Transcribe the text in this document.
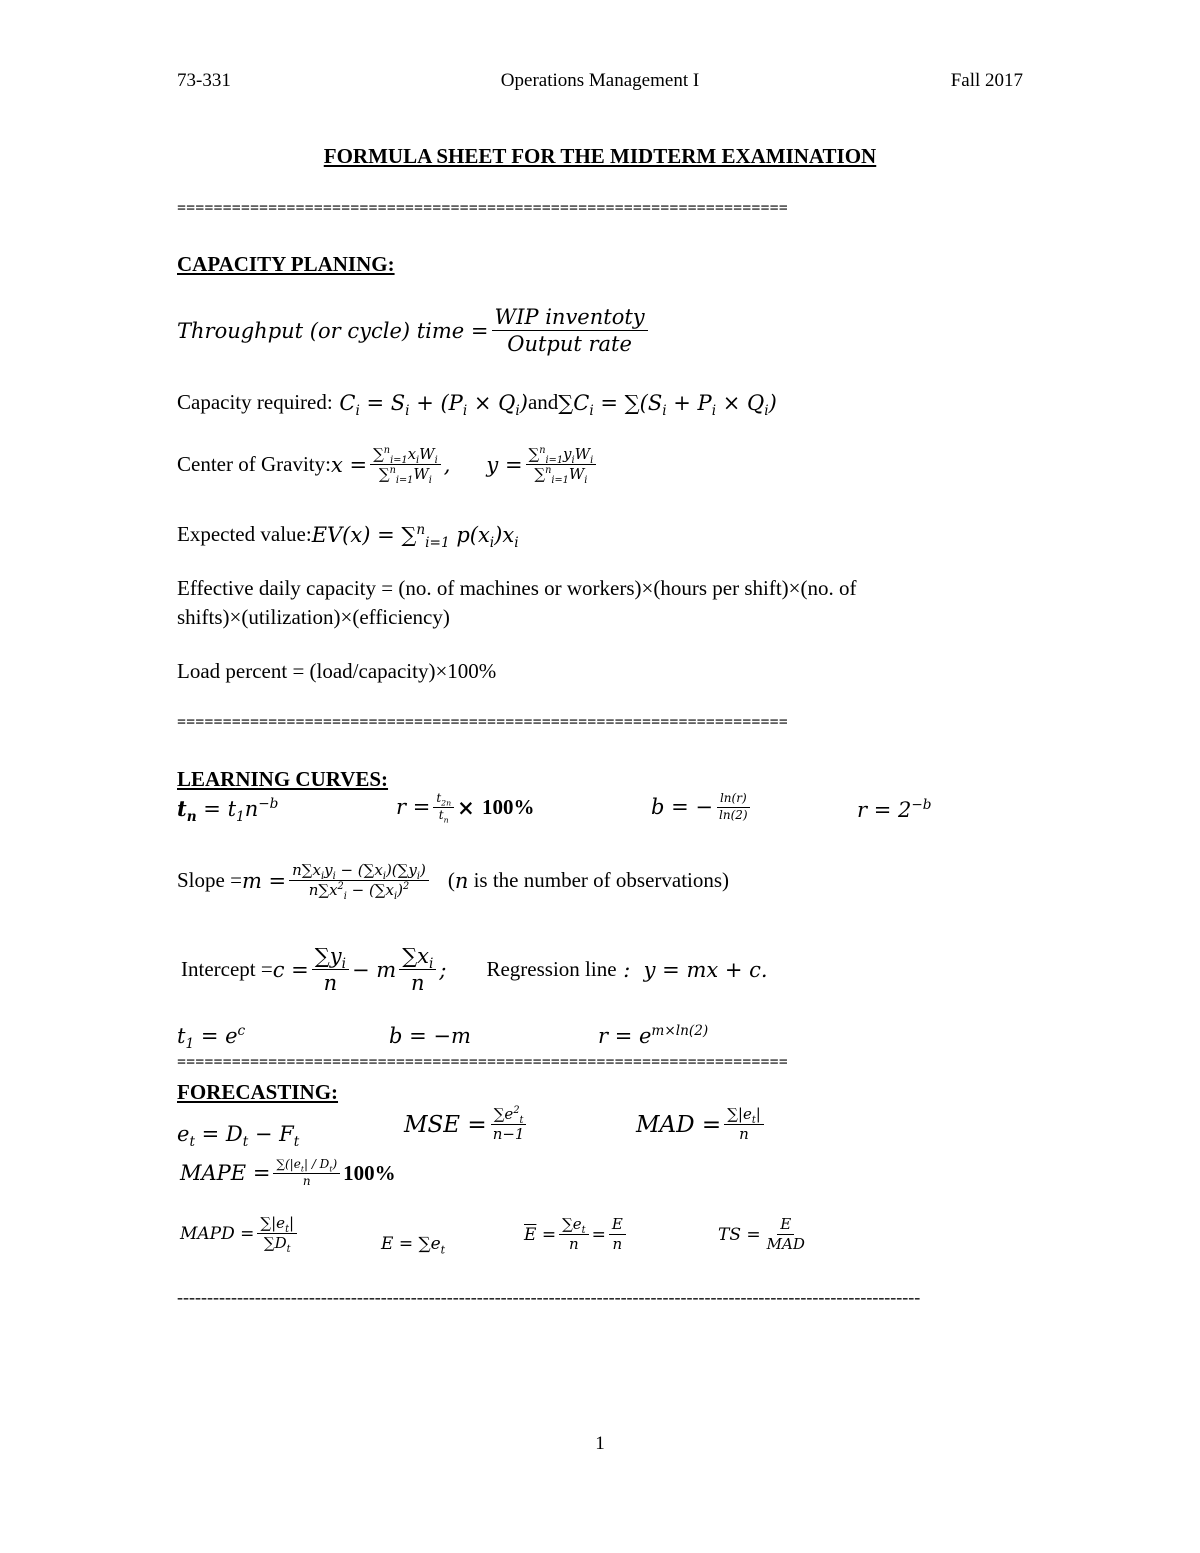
73-331	Operations Management I	Fall 2017
FORMULA SHEET FOR THE MIDTERM EXAMINATION
===================================================================
CAPACITY PLANING:
Throughput (or cycle) time = $\frac{\text{WIP inventoty}}{\text{Output rate}}$
Capacity required: $C_i = S_i + (P_i \times Q_i)$ and $\sum C_i = \sum(S_i + P_i \times Q_i)$
Center of Gravity: $x = \frac{\sum^n_{i=1}x_iW_i}{\sum^n_{i=1}W_i}$ , $y = \frac{\sum^n_{i=1}y_iW_i}{\sum^n_{i=1}W_i}$
Expected value: EV(x) = ∑$^n_{i=1}$ $p(x_i)x_i$
Effective daily capacity = (no. of machines or workers)×(hours per shift)×(no. of
shifts)×(utilization)×(efficiency)
Load percent = (load/capacity)×100%
===================================================================
LEARNING CURVES:
$t_n = t_1n^{-b}$	$r = \frac{t_{2n}}{t_n} \times 100\%$	b = − $\frac{\ln(r)}{\ln(2)}$	$r = 2^{-b}$
Slope = $m = \frac{n\sum x_iy_i - (\sum x_i)(\sum y_i)}{n\sum x^2_i - (\sum x_i)^2}$ ( n
is the number of observations)
Intercept = $c = \frac{\sum y_i}{n} - m \frac{\sum x_i}{n}$ ; Regression line :  y = mx + c.
$t_1 = e^c$	b = −m	$r = e^{m\times ln(2)}$
===================================================================
FORECASTING:
$e_t = D_t - F_t$
MSE = $\frac{\sum e^2_t}{n-1}$	MAD = $\frac{\sum|e_t|}{n}$
MAPE = $\frac{\sum(|e_t| / D_t)}{n} 100\%$
MAPD = $\frac{\sum|e_t|}{\sum D_t}$	$E = \sum e_t$
$\overline{E} = \frac{\sum e_t}{n} = \frac{E}{n}$	TS = $\frac{E}{\text{MAD}}$
----------------------------------------------------------------------------------------------------------------------------
1
